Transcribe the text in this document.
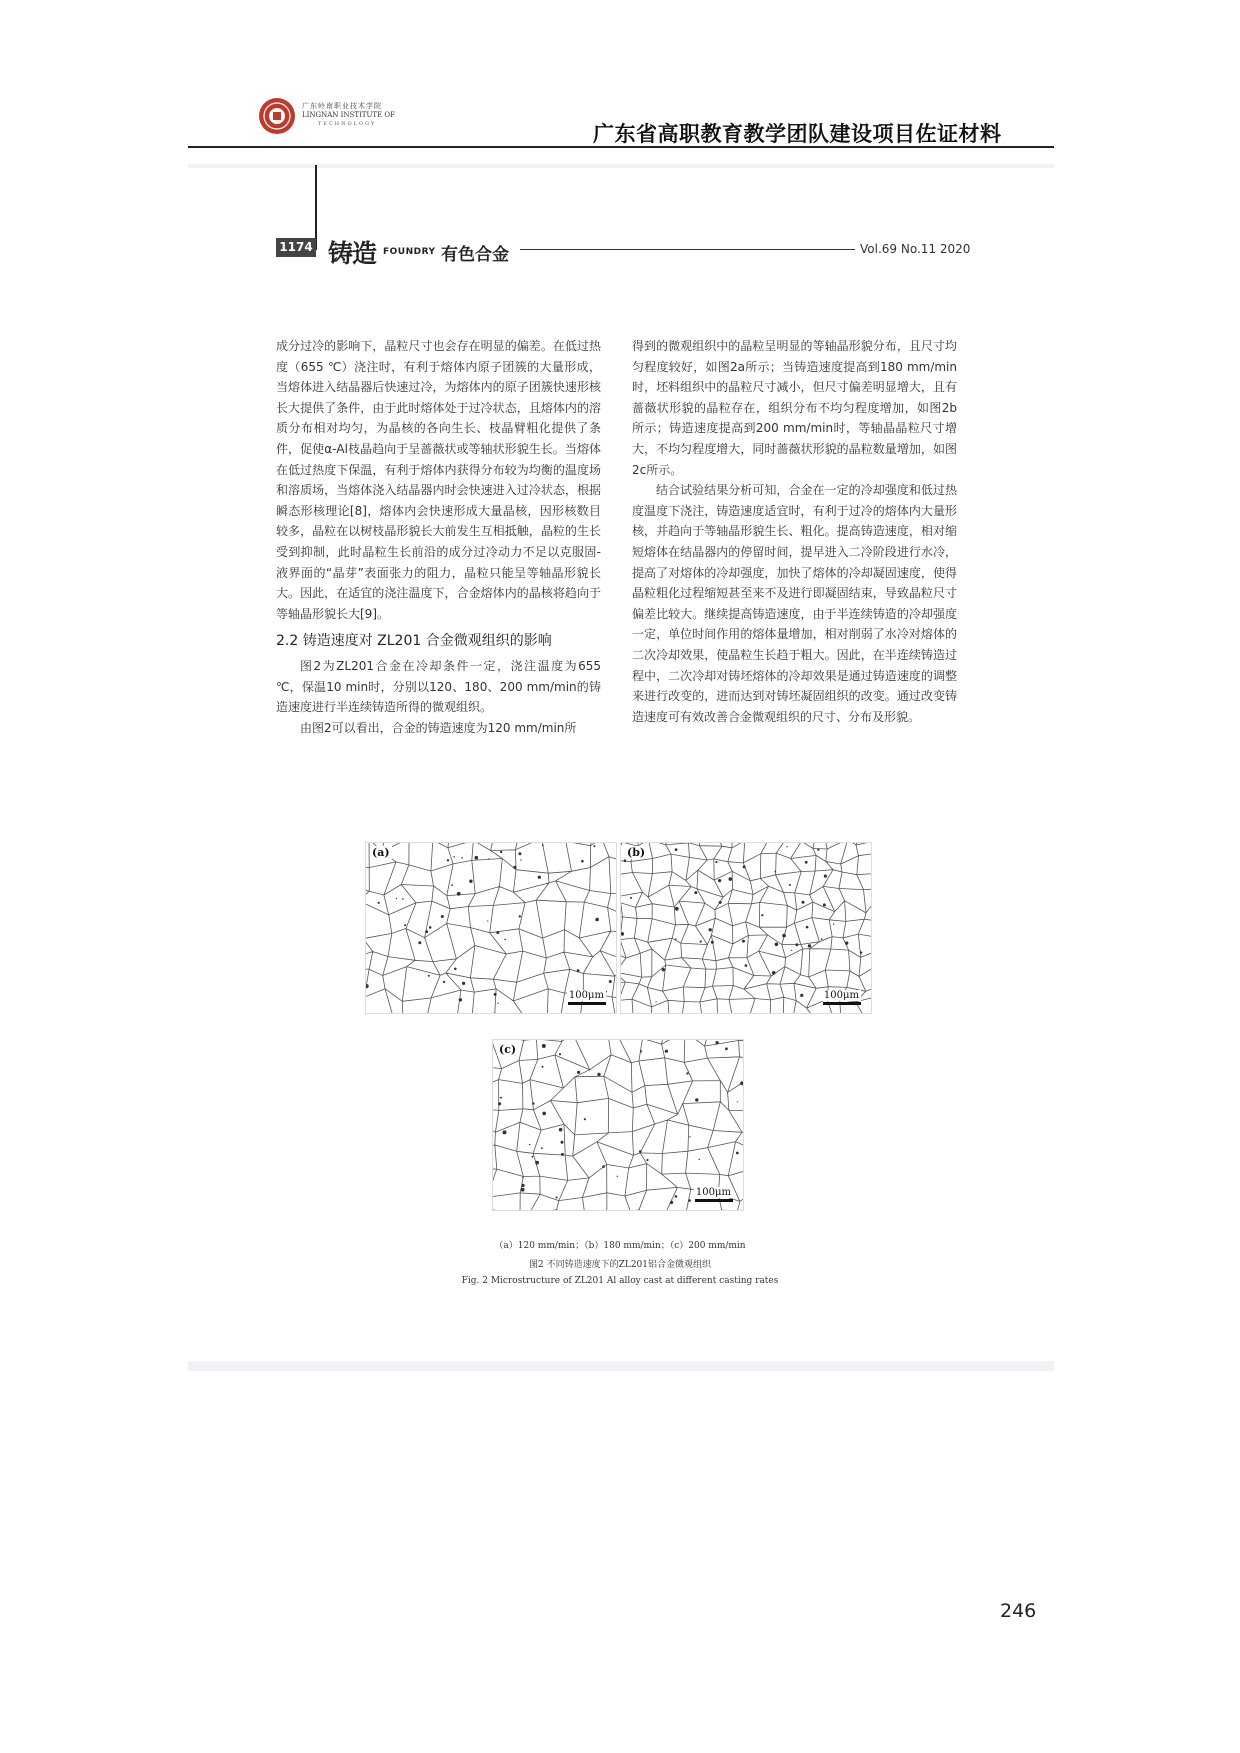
广东岭南职业技术学院
LINGNAN INSTITUTE OF
TECHNOLOGY	广东省高职教育教学团队建设项目佐证材料
1174 铸造 FOUNDRY 有色合金	Vol.69 No.11 2020

成分过冷的影响下，晶粒尺寸也会存在明显的偏差。在低过热度（655 ℃）浇注时，有利于熔体内原子团簇的大量形成，当熔体进入结晶器后快速过冷，为熔体内的原子团簇快速形核长大提供了条件，由于此时熔体处于过冷状态，且熔体内的溶质分布相对均匀，为晶核的各向生长、枝晶臂粗化提供了条件，促使α-Al枝晶趋向于呈蔷薇状或等轴状形貌生长。当熔体在低过热度下保温，有利于熔体内获得分布较为均衡的温度场和溶质场，当熔体浇入结晶器内时会快速进入过冷状态，根据瞬态形核理论[8]，熔体内会快速形成大量晶核，因形核数目较多，晶粒在以树枝晶形貌长大前发生互相抵触，晶粒的生长受到抑制，此时晶粒生长前沿的成分过冷动力不足以克服固-液界面的“晶芽”表面张力的阻力，晶粒只能呈等轴晶形貌长大。因此，在适宜的浇注温度下，合金熔体内的晶核将趋向于等轴晶形貌长大[9]。

2.2 铸造速度对 ZL201 合金微观组织的影响

图2为ZL201合金在冷却条件一定，浇注温度为655 ℃，保温10 min时，分别以120、180、200 mm/min的铸造速度进行半连续铸造所得的微观组织。

由图2可以看出，合金的铸造速度为120 mm/min所

得到的微观组织中的晶粒呈明显的等轴晶形貌分布，且尺寸均匀程度较好，如图2a所示；当铸造速度提高到180 mm/min时，坯料组织中的晶粒尺寸减小，但尺寸偏差明显增大，且有蔷薇状形貌的晶粒存在，组织分布不均匀程度增加，如图2b所示；铸造速度提高到200 mm/min时，等轴晶晶粒尺寸增大，不均匀程度增大，同时蔷薇状形貌的晶粒数量增加，如图2c所示。

结合试验结果分析可知，合金在一定的冷却强度和低过热度温度下浇注，铸造速度适宜时，有利于过冷的熔体内大量形核，并趋向于等轴晶形貌生长、粗化。提高铸造速度，相对缩短熔体在结晶器内的停留时间，提早进入二冷阶段进行水冷，提高了对熔体的冷却强度，加快了熔体的冷却凝固速度，使得晶粒粗化过程缩短甚至来不及进行即凝固结束，导致晶粒尺寸偏差比较大。继续提高铸造速度，由于半连续铸造的冷却强度一定，单位时间作用的熔体量增加，相对削弱了水冷对熔体的二次冷却效果，使晶粒生长趋于粗大。因此，在半连续铸造过程中，二次冷却对铸坯熔体的冷却效果是通过铸造速度的调整来进行改变的，进而达到对铸坯凝固组织的改变。通过改变铸造速度可有效改善合金微观组织的尺寸、分布及形貌。

(a)
100μm
(b)
100μm
(c)
100μm
（a）120 mm/min；（b）180 mm/min；（c）200 mm/min
图2 不同铸造速度下的ZL201铝合金微观组织
Fig. 2 Microstructure of ZL201 Al alloy cast at different casting rates
246
